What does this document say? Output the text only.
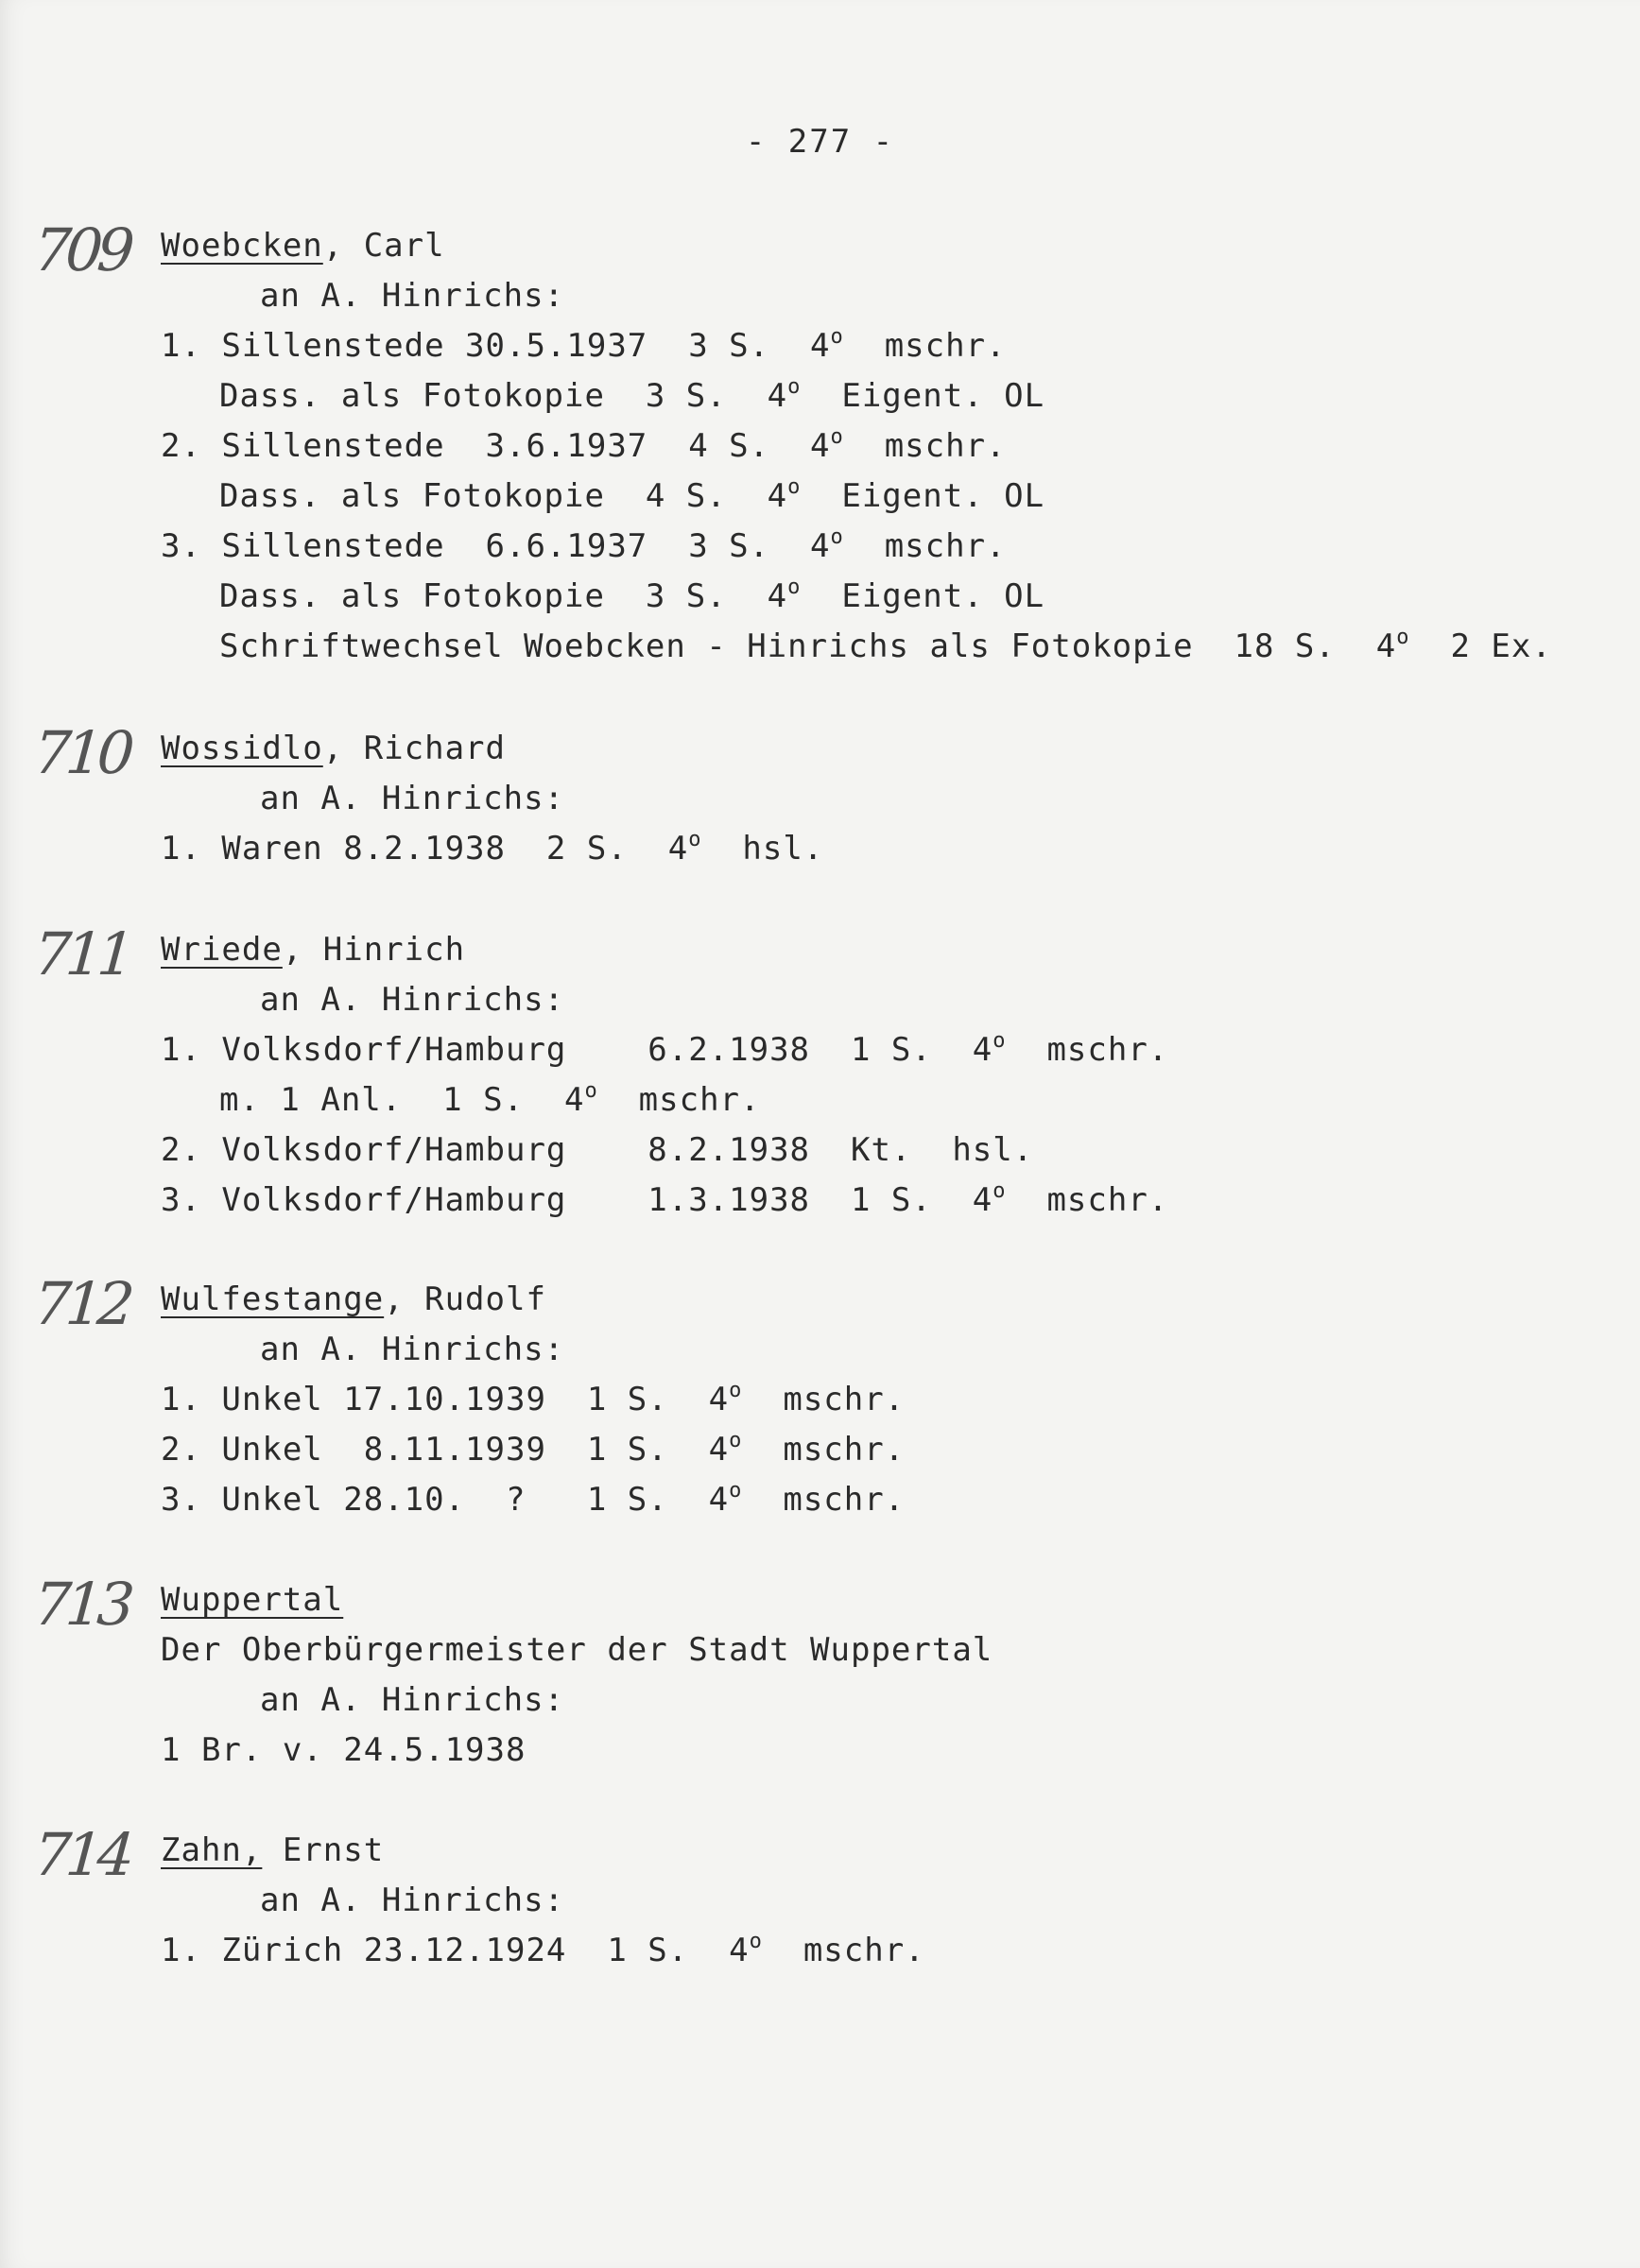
- 277 -
709 Woebcken, Carl
an A. Hinrichs:
1. Sillenstede 30.5.1937  3 S.  4$^o$  mschr.
Dass. als Fotokopie  3 S.  4$^o$  Eigent. OL
2. Sillenstede  3.6.1937  4 S.  4$^o$  mschr.
Dass. als Fotokopie  4 S.  4$^o$  Eigent. OL
3. Sillenstede  6.6.1937  3 S.  4$^o$  mschr.
Dass. als Fotokopie  3 S.  4$^o$  Eigent. OL
Schriftwechsel Woebcken - Hinrichs als Fotokopie  18 S.  4$^o$  2 Ex.
710 Wossidlo, Richard
an A. Hinrichs:
1. Waren 8.2.1938  2 S.  4$^o$  hsl.
711 Wriede, Hinrich
an A. Hinrichs:
1. Volksdorf/Hamburg    6.2.1938  1 S.  4$^o$  mschr.
m. 1 Anl.  1 S.  4$^o$  mschr.
2. Volksdorf/Hamburg    8.2.1938  Kt.  hsl.
3. Volksdorf/Hamburg    1.3.1938  1 S.  4$^o$  mschr.
712 Wulfestange, Rudolf
an A. Hinrichs:
1. Unkel 17.10.1939  1 S.  4$^o$  mschr.
2. Unkel  8.11.1939  1 S.  4$^o$  mschr.
3. Unkel 28.10.  ?   1 S.  4$^o$  mschr.
713 Wuppertal
Der Oberbürgermeister der Stadt Wuppertal
an A. Hinrichs:
1 Br. v. 24.5.1938
714 Zahn, Ernst
an A. Hinrichs:
1. Zürich 23.12.1924  1 S.  4$^o$  mschr.
